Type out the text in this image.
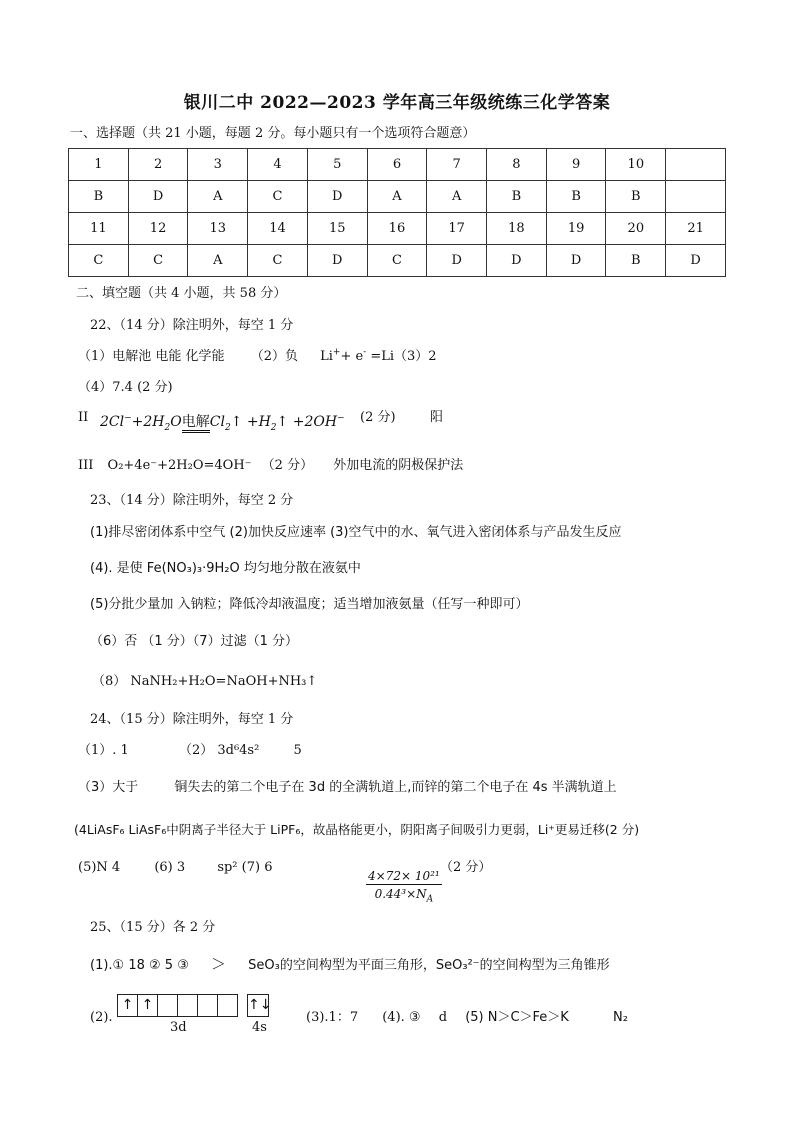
银川二中 2022—2023 学年高三年级统练三化学答案
一、选择题（共 21 小题，每题 2 分。每小题只有一个选项符合题意）
1	2	3	4	5	6	7	8	9	10	
B	D	A	C	D	A	A	B	B	B	
11	12	13	14	15	16	17	18	19	20	21
C	C	A	C	D	C	D	D	D	B	D
二、填空题（共 4 小题，共 58 分）
22、（14 分）除注明外，每空 1 分
（1）电解池 电能 化学能 （2）负 Li++ e- =Li（3）2
（4）7.4 (2 分)
II $2Cl^-+2H_2O$电解$Cl_2↑$ $+H_2↑ +2OH^-$ (2 分)	阳
III O₂+4e⁻+2H₂O=4OH⁻ （2 分） 外加电流的阴极保护法
23、（14 分）除注明外，每空 2 分
(1)排尽密闭体系中空气 (2)加快反应速率 (3)空气中的水、氧气进入密闭体系与产品发生反应
(4). 是使 Fe(NO₃)₃·9H₂O 均匀地分散在液氨中
(5)分批少量加 入钠粒；降低冷却液温度；适当增加液氨量（任写一种即可）
（6）否 （1 分）（7）过滤（1 分）
（8） NaNH₂+H₂O=NaOH+NH₃↑
24、（15 分）除注明外，每空 1 分
（1）. 1	（2） 3d⁶4s²	5
（3）大于	铜失去的第二个电子在 3d 的全满轨道上,而锌的第二个电子在 4s 半满轨道上
(4LiAsF₆ LiAsF₆中阴离子半径大于 LiPF₆，故晶格能更小，阴阳离子间吸引力更弱，Li⁺更易迁移(2 分)
(5)N 4	(6) 3 sp² (7) 6
4×72× 10²¹
$0.44^3\times N_A$
（2 分）
25、（15 分）各 2 分
(1).① 18 ② 5 ③ ＞ SeO₃的空间构型为平面三角形，SeO₃²⁻的空间构型为三角锥形
(2).
↑ ↑	↑↓
3d	4s
(3).1：7 (4). ③ d (5) N＞C＞Fe＞K	N₂
